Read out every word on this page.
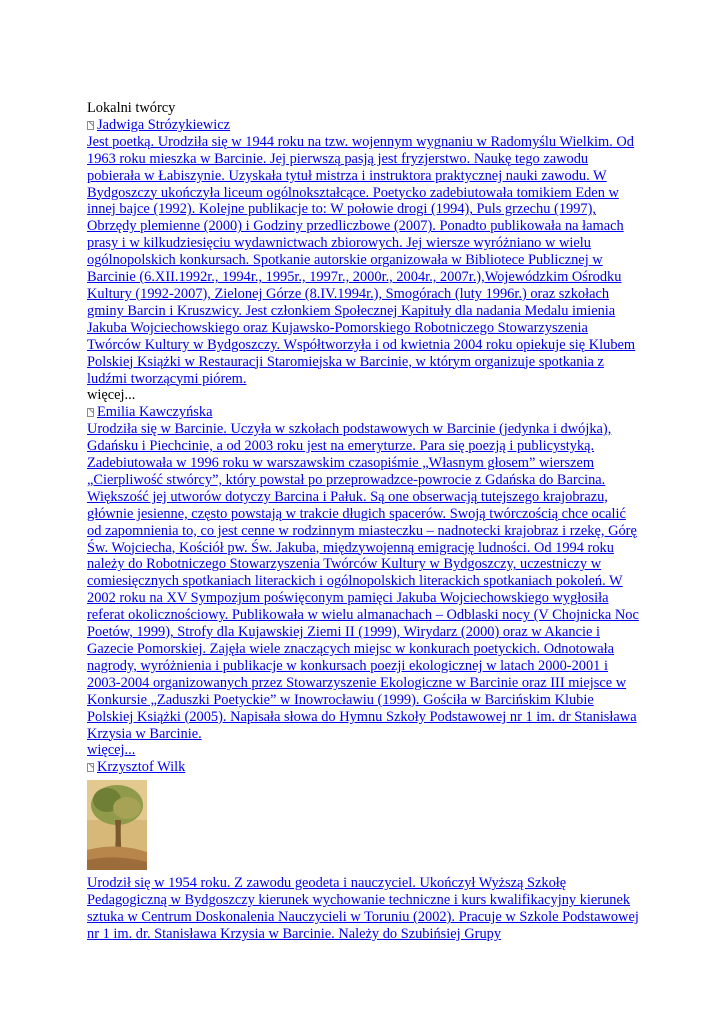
Lokalni twórcy

Jadwiga Strózykiewicz

Jest poetką. Urodziła się w 1944 roku na tzw. wojennym wygnaniu w Radomyślu Wielkim. Od 1963 roku mieszka w Barcinie. Jej pierwszą pasją jest fryzjerstwo. Naukę tego zawodu pobierała w Łabiszynie. Uzyskała tytuł mistrza i instruktora praktycznej nauki zawodu. W Bydgoszczy ukończyła liceum ogólnokształcące. Poetycko zadebiutowała tomikiem Eden w innej bajce (1992). Kolejne publikacje to: W połowie drogi (1994), Puls grzechu (1997), Obrzędy plemienne (2000) i Godziny przedliczbowe (2007). Ponadto publikowała na łamach prasy i w kilkudziesięciu wydawnictwach zbiorowych. Jej wiersze wyróżniano w wielu ogólnopolskich konkursach. Spotkanie autorskie organizowała w Bibliotece Publicznej w Barcinie (6.XII.1992r., 1994r., 1995r., 1997r., 2000r., 2004r., 2007r.),Wojewódzkim Ośrodku Kultury (1992-2007), Zielonej Górze (8.IV.1994r.), Smogórach (luty 1996r.) oraz szkołach gminy Barcin i Kruszwicy. Jest członkiem Społecznej Kapituły dla nadania Medalu imienia Jakuba Wojciechowskiego oraz Kujawsko-Pomorskiego Robotniczego Stowarzyszenia Twórców Kultury w Bydgoszczy. Współtworzyła i od kwietnia 2004 roku opiekuje się Klubem Polskiej Książki w Restauracji Staromiejska w Barcinie, w którym organizuje spotkania z ludźmi tworzącymi piórem.

więcej...

Emilia Kawczyńska

Urodziła się w Barcinie. Uczyła w szkołach podstawowych w Barcinie (jedynka i dwójka), Gdańsku i Piechcinie, a od 2003 roku jest na emeryturze. Para się poezją i publicystyką. Zadebiutowała w 1996 roku w warszawskim czasopiśmie „Własnym głosem” wierszem „Cierpliwość stwórcy”, który powstał po przeprowadzce-powrocie z Gdańska do Barcina. Większość jej utworów dotyczy Barcina i Pałuk. Są one obserwacją tutejszego krajobrazu, głównie jesienne, często powstają w trakcie długich spacerów. Swoją twórczością chce ocalić od zapomnienia to, co jest cenne w rodzinnym miasteczku – nadnotecki krajobraz i rzekę, Górę Św. Wojciecha, Kościół pw. Św. Jakuba, międzywojenną emigrację ludności. Od 1994 roku należy do Robotniczego Stowarzyszenia Twórców Kultury w Bydgoszczy, uczestniczy w comiesięcznych spotkaniach literackich i ogólnopolskich literackich spotkaniach pokoleń. W 2002 roku na XV Sympozjum poświęconym pamięci Jakuba Wojciechowskiego wygłosiła referat okolicznościowy. Publikowała w wielu almanachach – Odblaski nocy (V Chojnicka Noc Poetów, 1999), Strofy dla Kujawskiej Ziemi II (1999), Wirydarz (2000) oraz w Akancie i Gazecie Pomorskiej. Zajęła wiele znaczących miejsc w konkurach poetyckich. Odnotowała nagrody, wyróżnienia i publikacje w konkursach poezji ekologicznej w latach 2000-2001 i 2003-2004 organizowanych przez Stowarzyszenie Ekologiczne w Barcinie oraz III miejsce w Konkursie „Zaduszki Poetyckie” w Inowrocławiu (1999). Gościła w Barcińskim Klubie Polskiej Książki (2005). Napisała słowa do Hymnu Szkoły Podstawowej nr 1 im. dr Stanisława Krzysia w Barcinie.

więcej...

Krzysztof Wilk

Urodził się w 1954 roku. Z zawodu geodeta i nauczyciel. Ukończył Wyższą Szkołę Pedagogiczną w Bydgoszczy kierunek wychowanie techniczne i kurs kwalifikacyjny kierunek sztuka w Centrum Doskonalenia Nauczycieli w Toruniu (2002). Pracuje w Szkole Podstawowej nr 1 im. dr. Stanisława Krzysia w Barcinie. Należy do Szubińsiej Grupy
